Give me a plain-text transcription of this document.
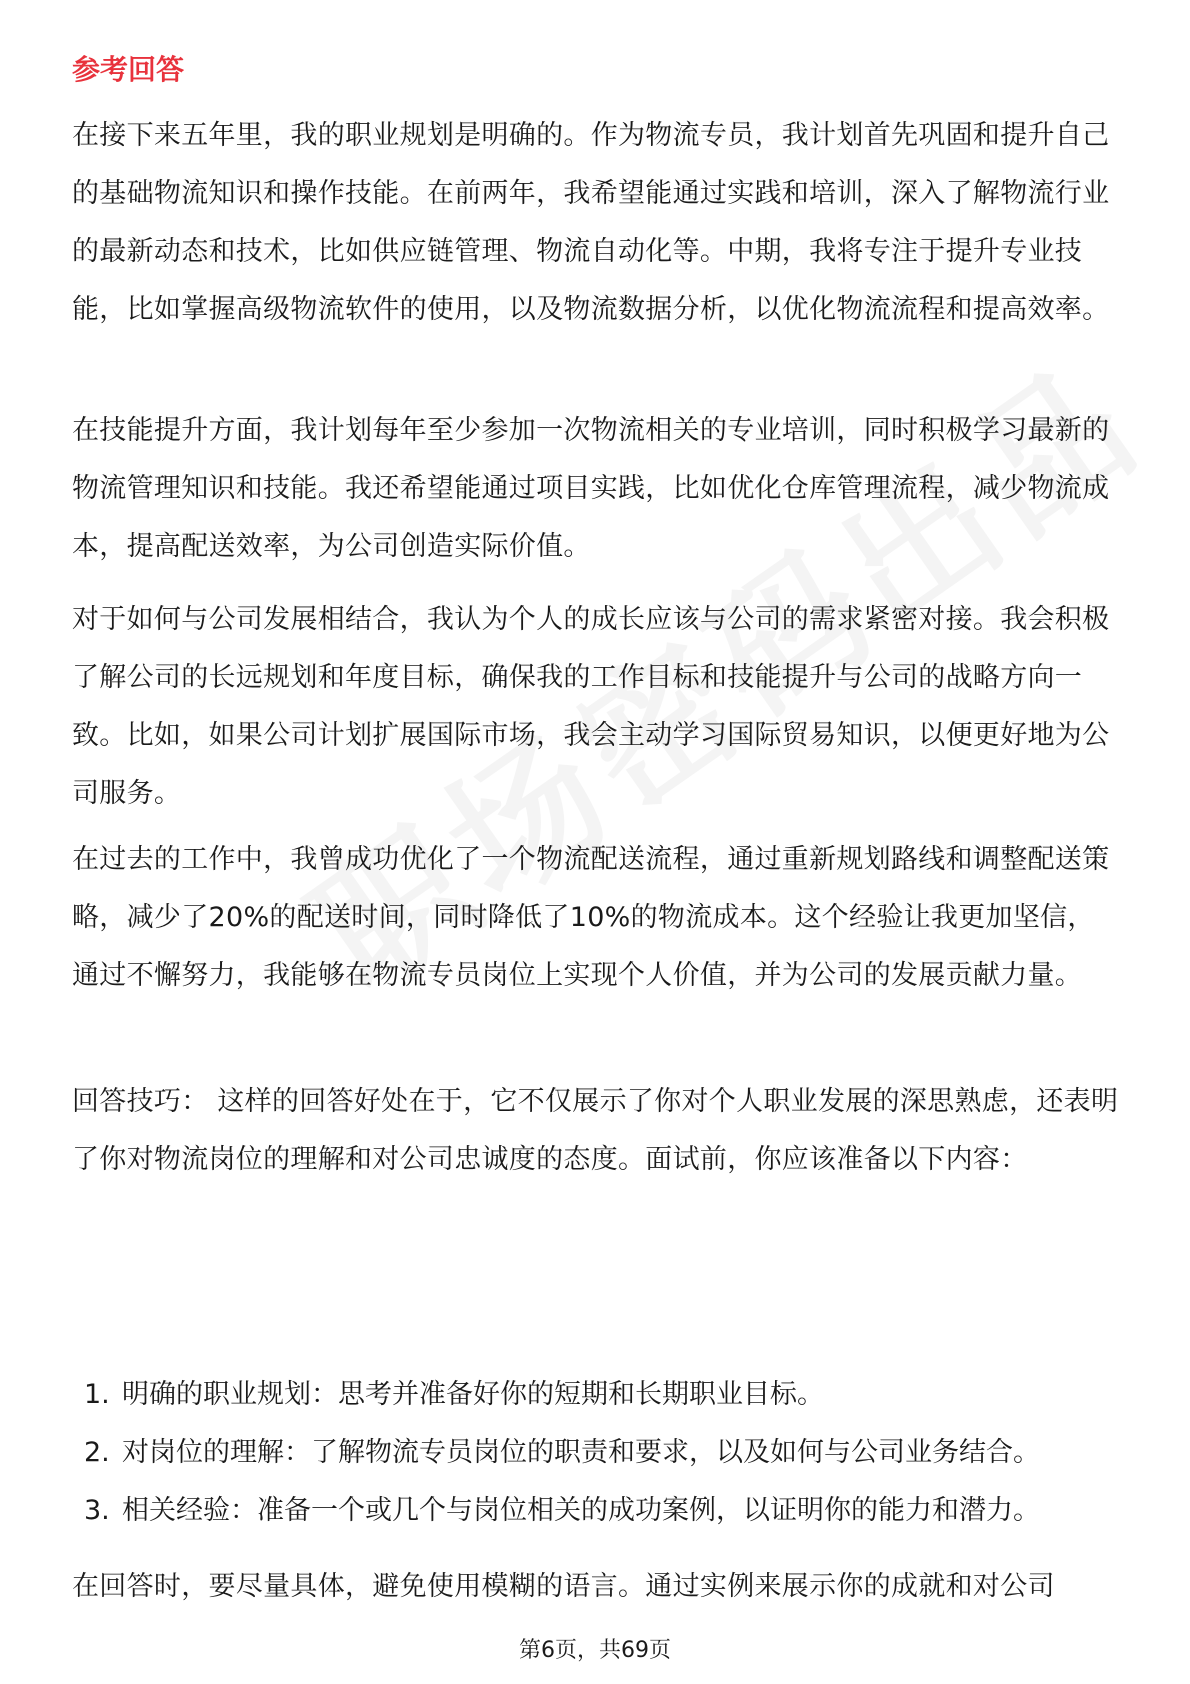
参考回答

在接下来五年里，我的职业规划是明确的。作为物流专员，我计划首先巩固和提升自己的基础物流知识和操作技能。在前两年，我希望能通过实践和培训，深入了解物流行业的最新动态和技术，比如供应链管理、物流自动化等。中期，我将专注于提升专业技能，比如掌握高级物流软件的使用，以及物流数据分析，以优化物流流程和提高效率。

在技能提升方面，我计划每年至少参加一次物流相关的专业培训，同时积极学习最新的物流管理知识和技能。我还希望能通过项目实践，比如优化仓库管理流程，减少物流成本，提高配送效率，为公司创造实际价值。

对于如何与公司发展相结合，我认为个人的成长应该与公司的需求紧密对接。我会积极了解公司的长远规划和年度目标，确保我的工作目标和技能提升与公司的战略方向一致。比如，如果公司计划扩展国际市场，我会主动学习国际贸易知识，以便更好地为公司服务。

在过去的工作中，我曾成功优化了一个物流配送流程，通过重新规划路线和调整配送策略，减少了20%的配送时间，同时降低了10%的物流成本。这个经验让我更加坚信，通过不懈努力，我能够在物流专员岗位上实现个人价值，并为公司的发展贡献力量。

回答技巧： 这样的回答好处在于，它不仅展示了你对个人职业发展的深思熟虑，还表明了你对物流岗位的理解和对公司忠诚度的态度。面试前，你应该准备以下内容：

1. 明确的职业规划：思考并准备好你的短期和长期职业目标。
2. 对岗位的理解：了解物流专员岗位的职责和要求，以及如何与公司业务结合。
3. 相关经验：准备一个或几个与岗位相关的成功案例，以证明你的能力和潜力。

在回答时，要尽量具体，避免使用模糊的语言。通过实例来展示你的成就和对公司

第6页，共69页
